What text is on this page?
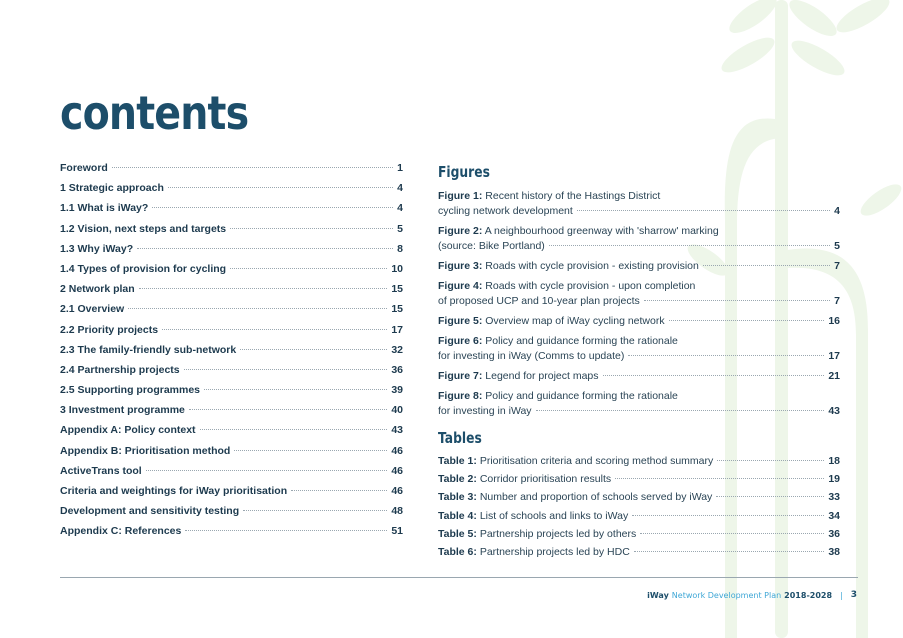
contents
Foreword	1
1 Strategic approach	4
1.1 What is iWay?	4
1.2 Vision, next steps and targets	5
1.3 Why iWay?	8
1.4 Types of provision for cycling	10
2 Network plan	15
2.1 Overview	15
2.2 Priority projects	17
2.3 The family-friendly sub-network	32
2.4 Partnership projects	36
2.5 Supporting programmes	39
3 Investment programme	40
Appendix A: Policy context	43
Appendix B: Prioritisation method	46
ActiveTrans tool	46
Criteria and weightings for iWay prioritisation	46
Development and sensitivity testing	48
Appendix C: References	51
Figures
Figure 1: Recent history of the Hastings District
cycling network development	4
Figure 2: A neighbourhood greenway with 'sharrow' marking
(source: Bike Portland)	5
Figure 3:
Roads with cycle provision - existing provision	7
Figure 4: Roads with cycle provision - upon completion
of proposed UCP and 10-year plan projects	7
Figure 5:
Overview map of iWay cycling network	16
Figure 6: Policy and guidance forming the rationale
for investing in iWay (Comms to update)	17
Figure 7:
Legend for project maps	21
Figure 8: Policy and guidance forming the rationale
for investing in iWay	43
Tables
Table 1:
Prioritisation criteria and scoring method summary	18
Table 2:
Corridor prioritisation results	19
Table 3:
Number and proportion of schools served by iWay	33
Table 4:
List of schools and links to iWay	34
Table 5:
Partnership projects led by others	36
Table 6:
Partnership projects led by HDC	38
iWay Network Development Plan 2018-2028 | 3
